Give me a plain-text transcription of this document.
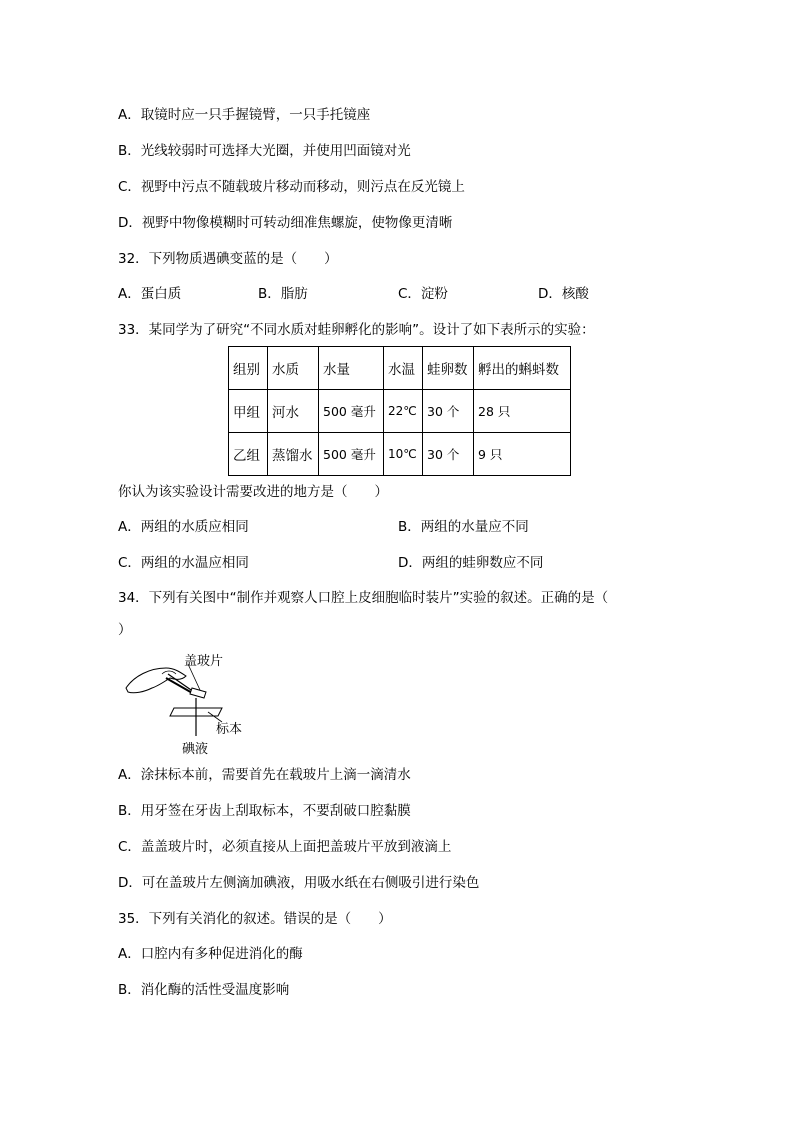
A．取镜时应一只手握镜臂，一只手托镜座
B．光线较弱时可选择大光圈，并使用凹面镜对光
C．视野中污点不随载玻片移动而移动，则污点在反光镜上
D．视野中物像模糊时可转动细准焦螺旋，使物像更清晰
32．下列物质遇碘变蓝的是（　　）
A．蛋白质	B．脂肪	C．淀粉	D．核酸
33．某同学为了研究“不同水质对蛙卵孵化的影响”。设计了如下表所示的实验：
组别	水质	水量	水温	蛙卵数	孵出的蝌蚪数
甲组	河水	500 毫升	22℃	30 个	28 只
乙组	蒸馏水	500 毫升	10℃	30 个	9 只
你认为该实验设计需要改进的地方是（　　）
A．两组的水质应相同	B．两组的水量应不同
C．两组的水温应相同	D．两组的蛙卵数应不同
34．下列有关图中“制作并观察人口腔上皮细胞临时装片”实验的叙述。正确的是（
）
盖玻片
标本
碘液
A．涂抹标本前，需要首先在载玻片上滴一滴清水
B．用牙签在牙齿上刮取标本，不要刮破口腔黏膜
C．盖盖玻片时，必须直接从上面把盖玻片平放到液滴上
D．可在盖玻片左侧滴加碘液，用吸水纸在右侧吸引进行染色
35．下列有关消化的叙述。错误的是（　　）
A．口腔内有多种促进消化的酶
B．消化酶的活性受温度影响
